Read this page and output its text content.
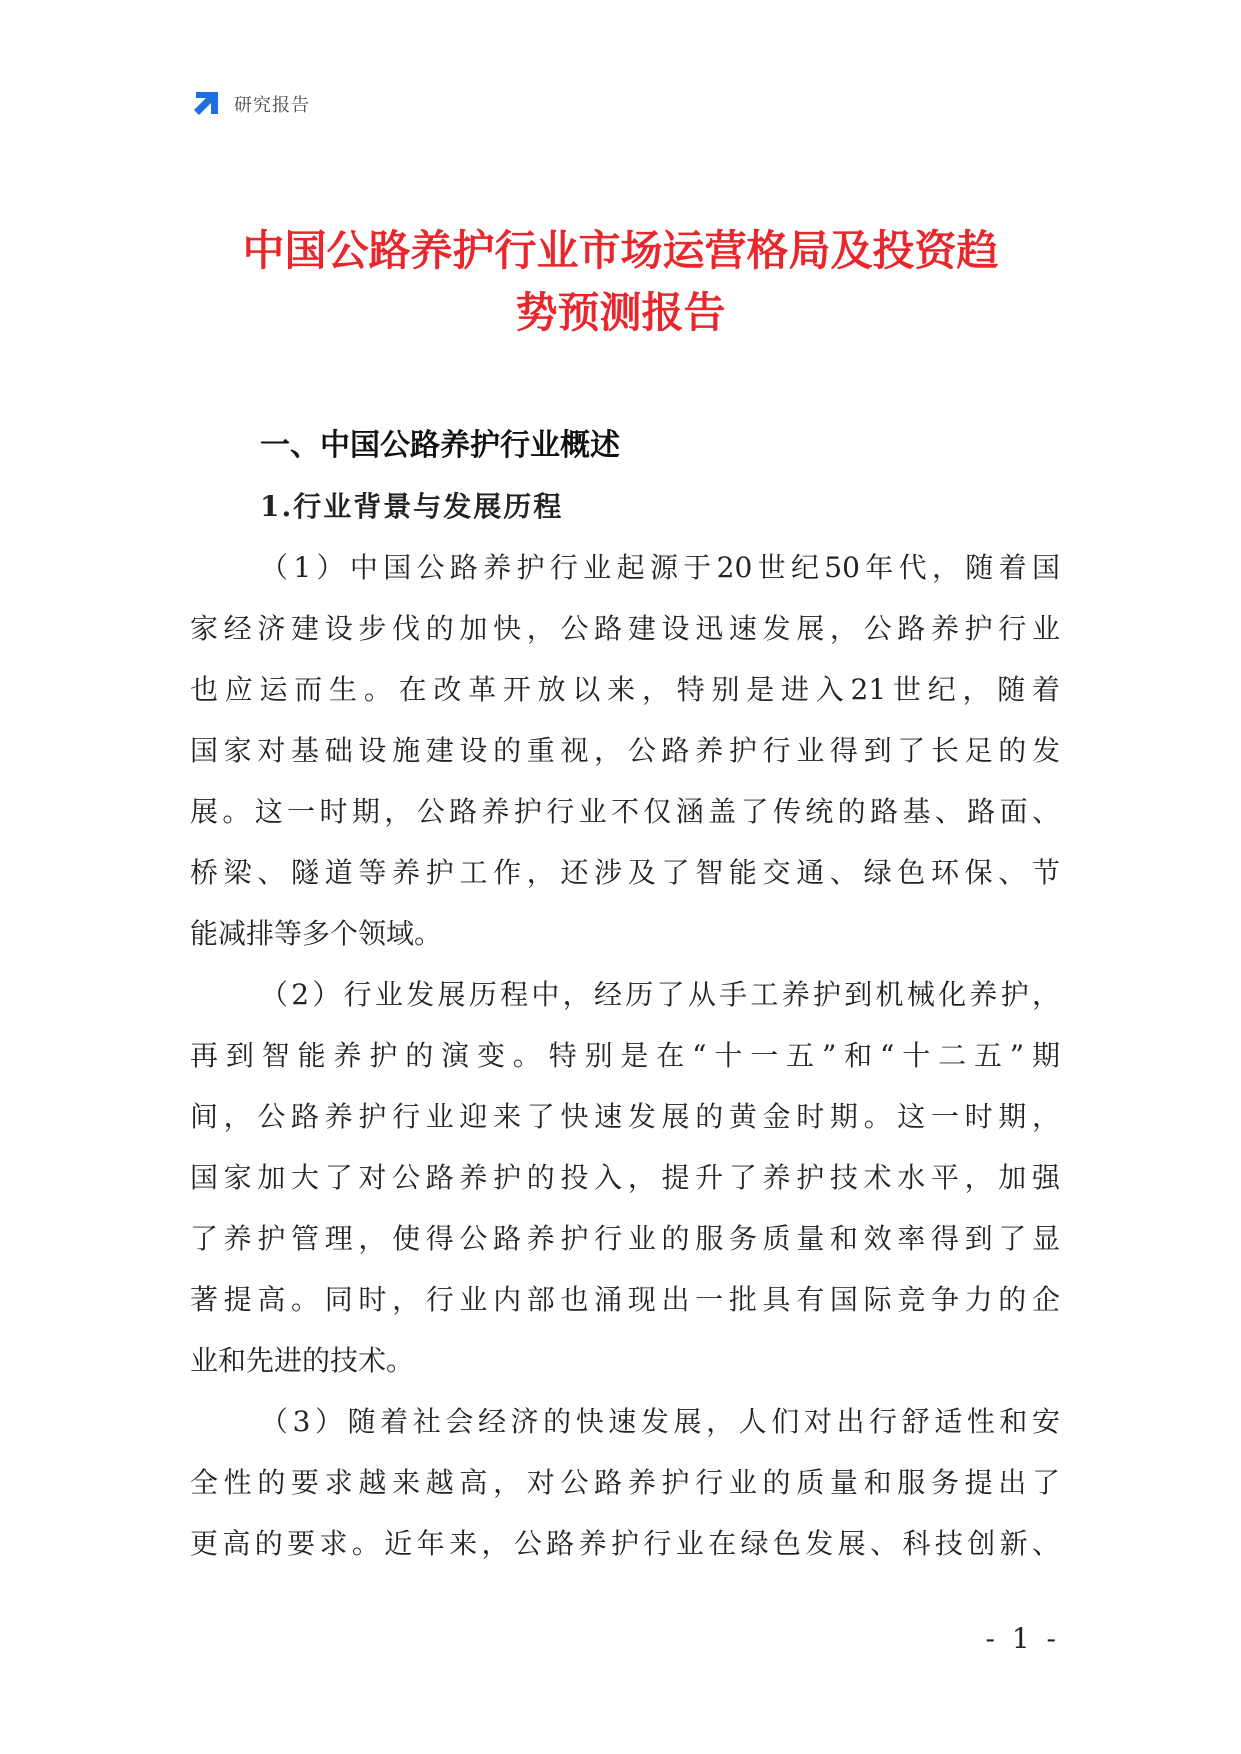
研究报告
中国公路养护行业市场运营格局及投资趋
势预测报告
一、中国公路养护行业概述
1.行业背景与发展历程
（1）中国公路养护行业起源于20世纪50年代，随着国
家经济建设步伐的加快，公路建设迅速发展，公路养护行业
也应运而生。在改革开放以来，特别是进入21世纪，随着
国家对基础设施建设的重视，公路养护行业得到了长足的发
展。这一时期，公路养护行业不仅涵盖了传统的路基、路面、
桥梁、隧道等养护工作，还涉及了智能交通、绿色环保、节
能减排等多个领域。
（2）行业发展历程中，经历了从手工养护到机械化养护，
再到智能养护的演变。特别是在“十一五”和“十二五”期
间，公路养护行业迎来了快速发展的黄金时期。这一时期，
国家加大了对公路养护的投入，提升了养护技术水平，加强
了养护管理，使得公路养护行业的服务质量和效率得到了显
著提高。同时，行业内部也涌现出一批具有国际竞争力的企
业和先进的技术。
（3）随着社会经济的快速发展，人们对出行舒适性和安
全性的要求越来越高，对公路养护行业的质量和服务提出了
更高的要求。近年来，公路养护行业在绿色发展、科技创新、
- 1 -
